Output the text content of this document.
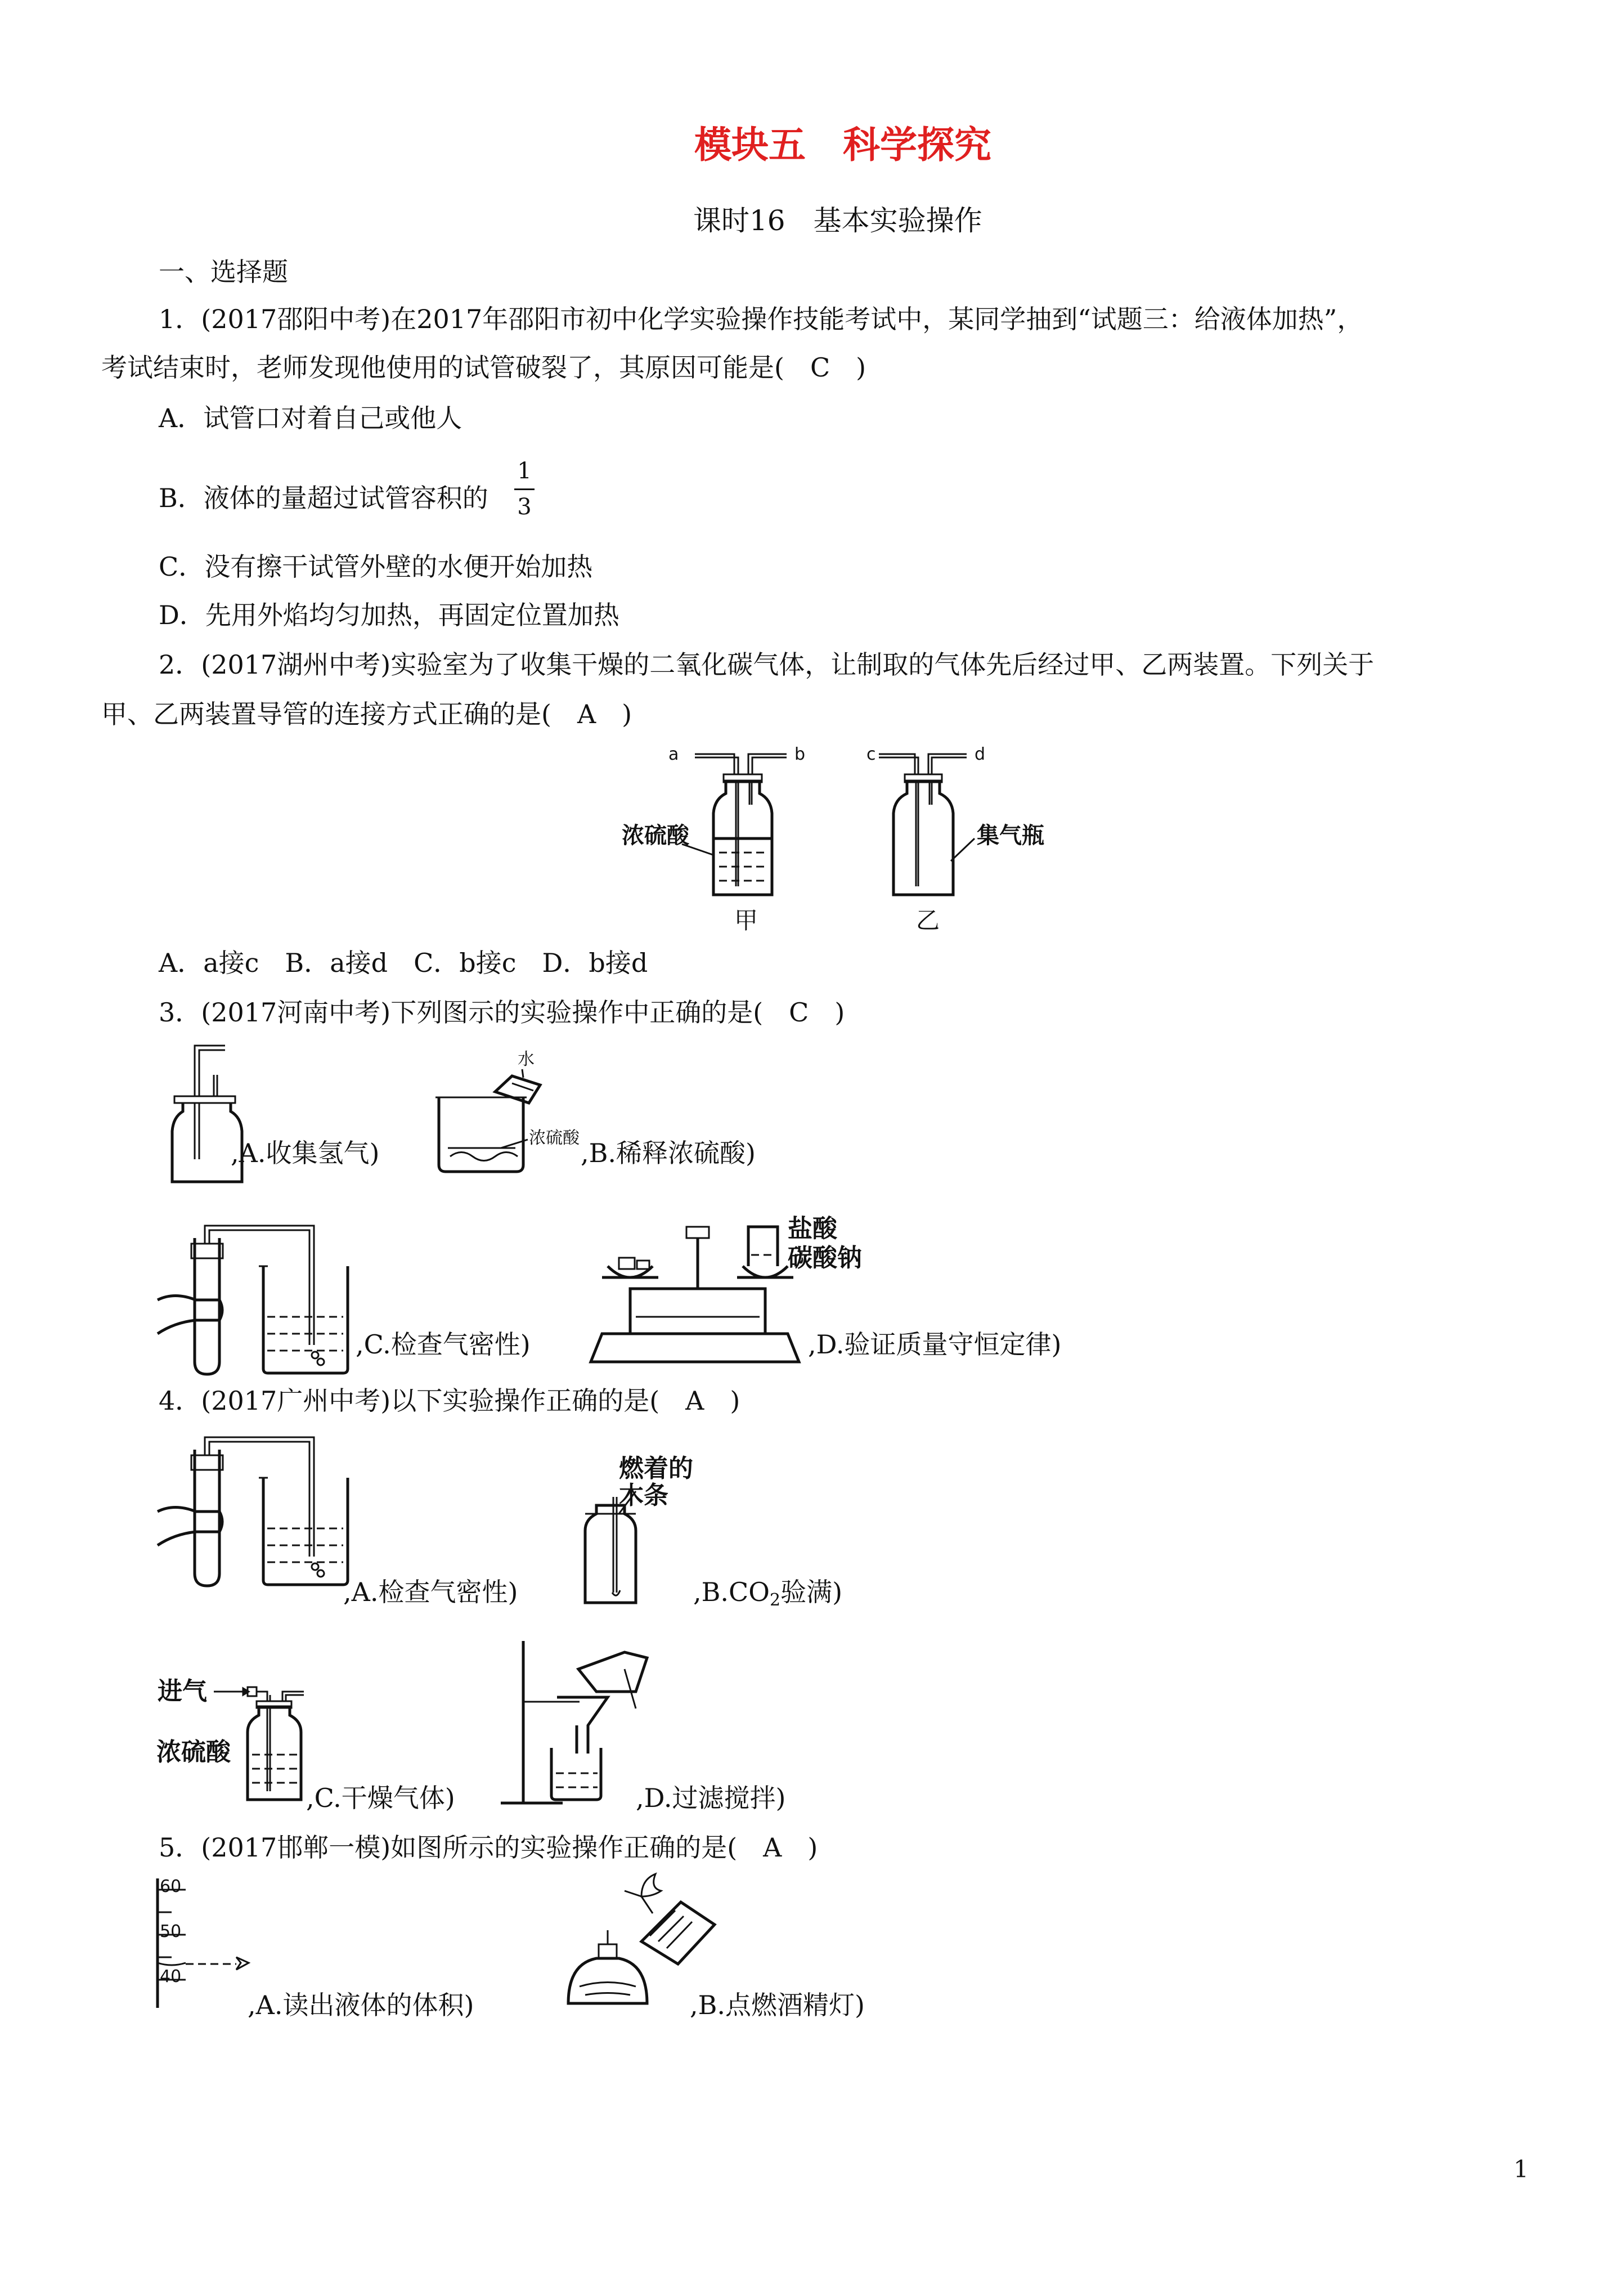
模块五　科学探究
课时16　基本实验操作
一、选择题
1．(2017邵阳中考)在2017年邵阳市初中化学实验操作技能考试中，某同学抽到“试题三：给液体加热”，
考试结束时，老师发现他使用的试管破裂了，其原因可能是(　C　)
A．试管口对着自己或他人
B．液体的量超过试管容积的
1
3
C．没有擦干试管外壁的水便开始加热
D．先用外焰均匀加热，再固定位置加热
2．(2017湖州中考)实验室为了收集干燥的二氧化碳气体，让制取的气体先后经过甲、乙两装置。下列关于
甲、乙两装置导管的连接方式正确的是(　A　)
a	b
浓硫酸
甲
c	d
集气瓶
乙
A．a接c　B．a接d　C．b接c　D．b接d
3．(2017河南中考)下列图示的实验操作中正确的是(　C　)
,A.收集氢气)
水
浓硫酸 ,B.稀释浓硫酸)
,C.检查气密性)
盐酸
碳酸钠
,D.验证质量守恒定律)
4．(2017广州中考)以下实验操作正确的是(　A　)
,A.检查气密性)
燃着的
木条
,B.CO2验满)
进气
浓硫酸
,C.干燥气体)	,D.过滤搅拌)
5．(2017邯郸一模)如图所示的实验操作正确的是(　A　)
60
50
40
,A.读出液体的体积)	,B.点燃酒精灯)
1
